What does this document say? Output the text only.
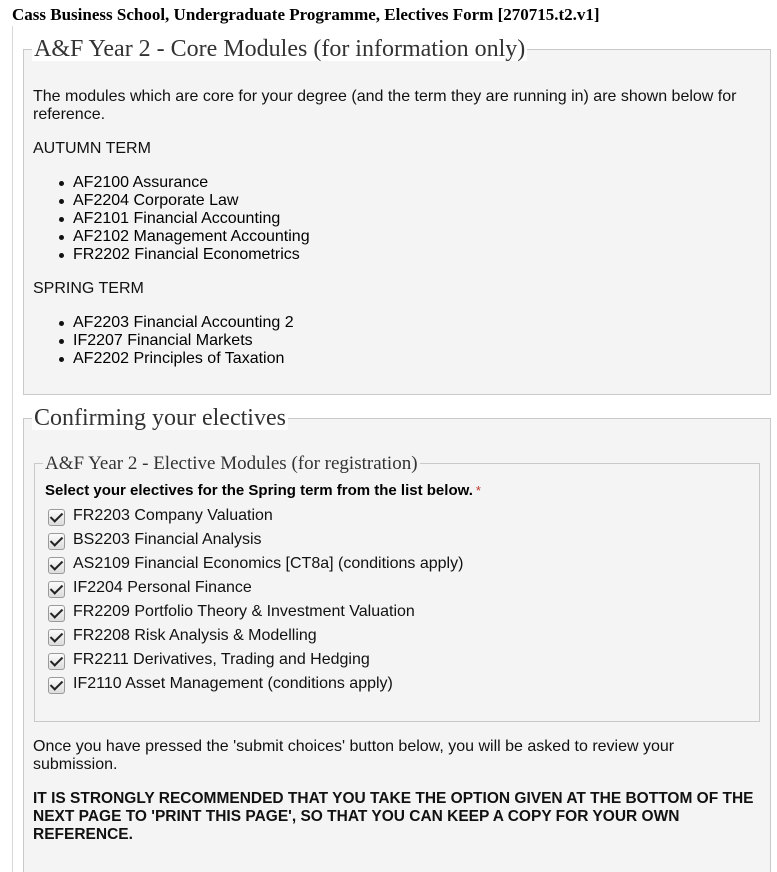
Cass Business School, Undergraduate Programme, Electives Form [270715.t2.v1]
A&F Year 2 - Core Modules (for information only)
The modules which are core for your degree (and the term they are running in) are shown below for reference.
AUTUMN TERM
AF2100 Assurance
AF2204 Corporate Law
AF2101 Financial Accounting
AF2102 Management Accounting
FR2202 Financial Econometrics
SPRING TERM
AF2203 Financial Accounting 2
IF2207 Financial Markets
AF2202 Principles of Taxation
Confirming your electives
A&F Year 2 - Elective Modules (for registration)
Select your electives for the Spring term from the list below. *
FR2203 Company Valuation
BS2203 Financial Analysis
AS2109 Financial Economics [CT8a] (conditions apply)
IF2204 Personal Finance
FR2209 Portfolio Theory & Investment Valuation
FR2208 Risk Analysis & Modelling
FR2211 Derivatives, Trading and Hedging
IF2110 Asset Management (conditions apply)
Once you have pressed the 'submit choices' button below, you will be asked to review your submission.
IT IS STRONGLY RECOMMENDED THAT YOU TAKE THE OPTION GIVEN AT THE BOTTOM OF THE NEXT PAGE TO 'PRINT THIS PAGE', SO THAT YOU CAN KEEP A COPY FOR YOUR OWN REFERENCE.
